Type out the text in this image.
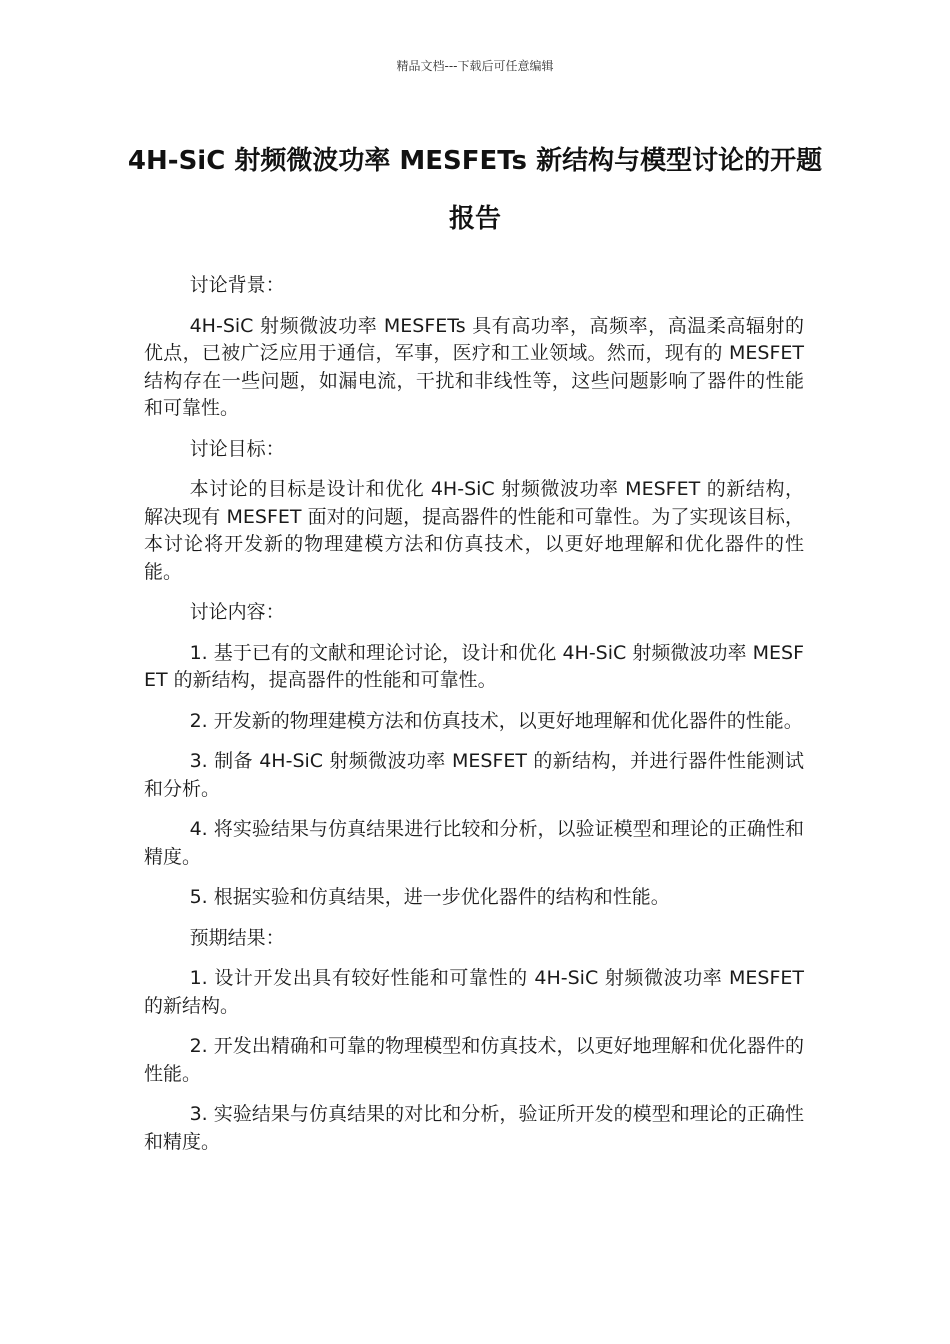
精品文档---下载后可任意编辑
4H-SiC 射频微波功率 MESFETs 新结构与模型讨论的开题报告

讨论背景：

4H-SiC 射频微波功率 MESFETs 具有高功率，高频率，高温柔高辐射的优点，已被广泛应用于通信，军事，医疗和工业领域。然而，现有的 MESFET 结构存在一些问题，如漏电流，干扰和非线性等，这些问题影响了器件的性能和可靠性。

讨论目标：

本讨论的目标是设计和优化 4H-SiC 射频微波功率 MESFET 的新结构，解决现有 MESFET 面对的问题，提高器件的性能和可靠性。为了实现该目标，本讨论将开发新的物理建模方法和仿真技术，以更好地理解和优化器件的性能。

讨论内容：

1. 基于已有的文献和理论讨论，设计和优化 4H-SiC 射频微波功率 MESFET 的新结构，提高器件的性能和可靠性。

2. 开发新的物理建模方法和仿真技术，以更好地理解和优化器件的性能。

3. 制备 4H-SiC 射频微波功率 MESFET 的新结构，并进行器件性能测试和分析。

4. 将实验结果与仿真结果进行比较和分析，以验证模型和理论的正确性和精度。

5. 根据实验和仿真结果，进一步优化器件的结构和性能。

预期结果：

1. 设计开发出具有较好性能和可靠性的 4H-SiC 射频微波功率 MESFET 的新结构。

2. 开发出精确和可靠的物理模型和仿真技术，以更好地理解和优化器件的性能。

3. 实验结果与仿真结果的对比和分析，验证所开发的模型和理论的正确性和精度。
